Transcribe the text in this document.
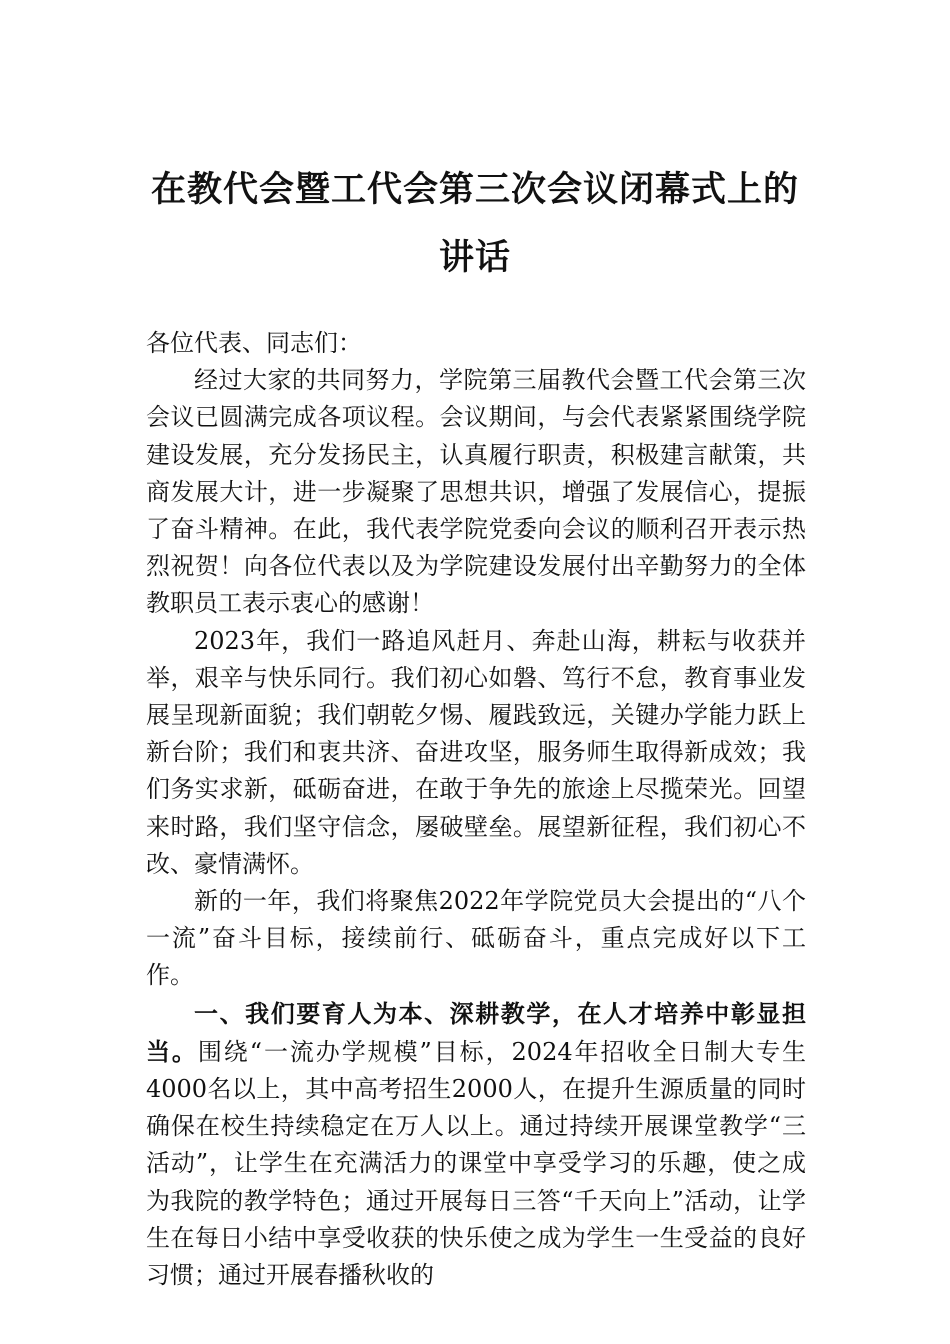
在教代会暨工代会第三次会议闭幕式上的
讲话

各位代表、同志们：

经过大家的共同努力，学院第三届教代会暨工代会第三次会议已圆满完成各项议程。会议期间，与会代表紧紧围绕学院建设发展，充分发扬民主，认真履行职责，积极建言献策，共商发展大计，进一步凝聚了思想共识，增强了发展信心，提振了奋斗精神。在此，我代表学院党委向会议的顺利召开表示热烈祝贺！向各位代表以及为学院建设发展付出辛勤努力的全体教职员工表示衷心的感谢！

2023年，我们一路追风赶月、奔赴山海，耕耘与收获并举，艰辛与快乐同行。我们初心如磐、笃行不怠，教育事业发展呈现新面貌；我们朝乾夕惕、履践致远，关键办学能力跃上新台阶；我们和衷共济、奋进攻坚，服务师生取得新成效；我们务实求新，砥砺奋进，在敢于争先的旅途上尽揽荣光。回望来时路，我们坚守信念，屡破壁垒。展望新征程，我们初心不改、豪情满怀。

新的一年，我们将聚焦2022年学院党员大会提出的“八个一流”奋斗目标，接续前行、砥砺奋斗，重点完成好以下工作。

一、我们要育人为本、深耕教学，在人才培养中彰显担当。围绕“一流办学规模”目标，2024年招收全日制大专生4000名以上，其中高考招生2000人，在提升生源质量的同时确保在校生持续稳定在万人以上。通过持续开展课堂教学“三活动”，让学生在充满活力的课堂中享受学习的乐趣，使之成为我院的教学特色；通过开展每日三答“千天向上”活动，让学生在每日小结中享受收获的快乐使之成为学生一生受益的良好习惯；通过开展春播秋收的
